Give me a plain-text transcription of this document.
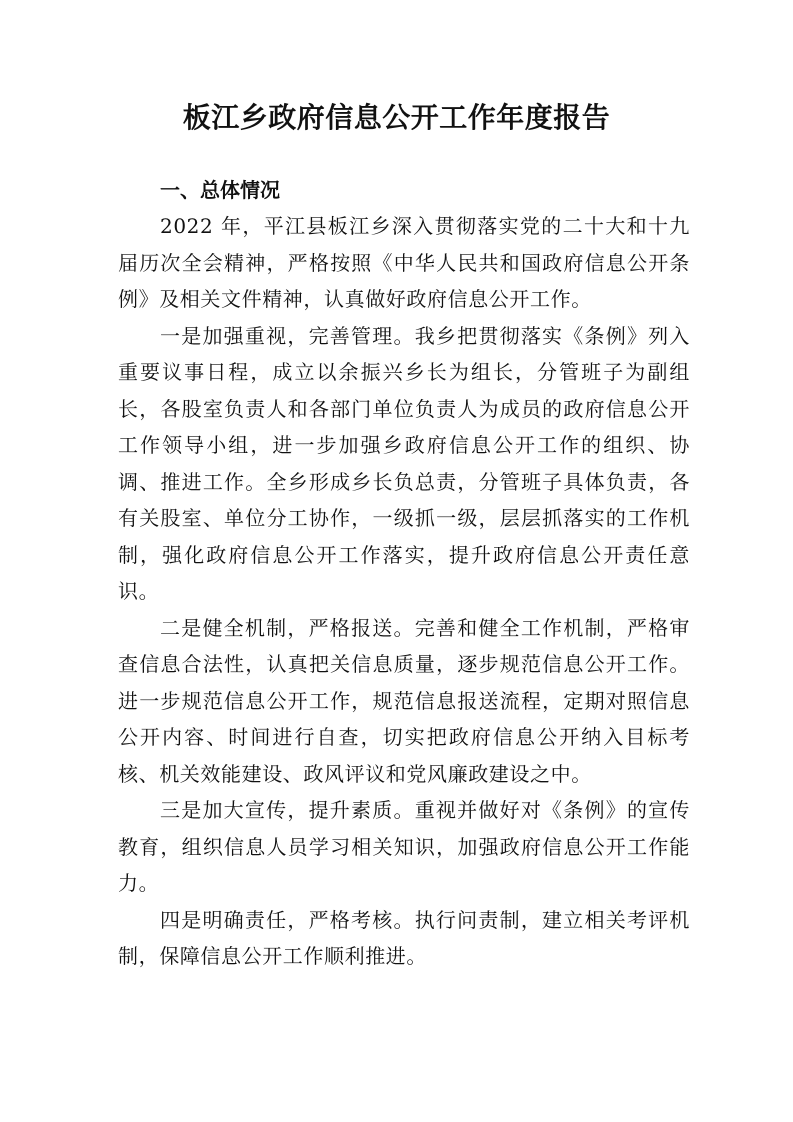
板江乡政府信息公开工作年度报告
一、总体情况

2022 年，平江县板江乡深入贯彻落实党的二十大和十九届历次全会精神，严格按照《中华人民共和国政府信息公开条例》及相关文件精神，认真做好政府信息公开工作。

一是加强重视，完善管理。我乡把贯彻落实《条例》列入重要议事日程，成立以余振兴乡长为组长，分管班子为副组长，各股室负责人和各部门单位负责人为成员的政府信息公开工作领导小组，进一步加强乡政府信息公开工作的组织、协调、推进工作。全乡形成乡长负总责，分管班子具体负责，各有关股室、单位分工协作，一级抓一级，层层抓落实的工作机制，强化政府信息公开工作落实，提升政府信息公开责任意识。

二是健全机制，严格报送。完善和健全工作机制，严格审查信息合法性，认真把关信息质量，逐步规范信息公开工作。进一步规范信息公开工作，规范信息报送流程，定期对照信息公开内容、时间进行自查，切实把政府信息公开纳入目标考核、机关效能建设、政风评议和党风廉政建设之中。

三是加大宣传，提升素质。重视并做好对《条例》的宣传教育，组织信息人员学习相关知识，加强政府信息公开工作能力。

四是明确责任，严格考核。执行问责制，建立相关考评机制，保障信息公开工作顺利推进。
